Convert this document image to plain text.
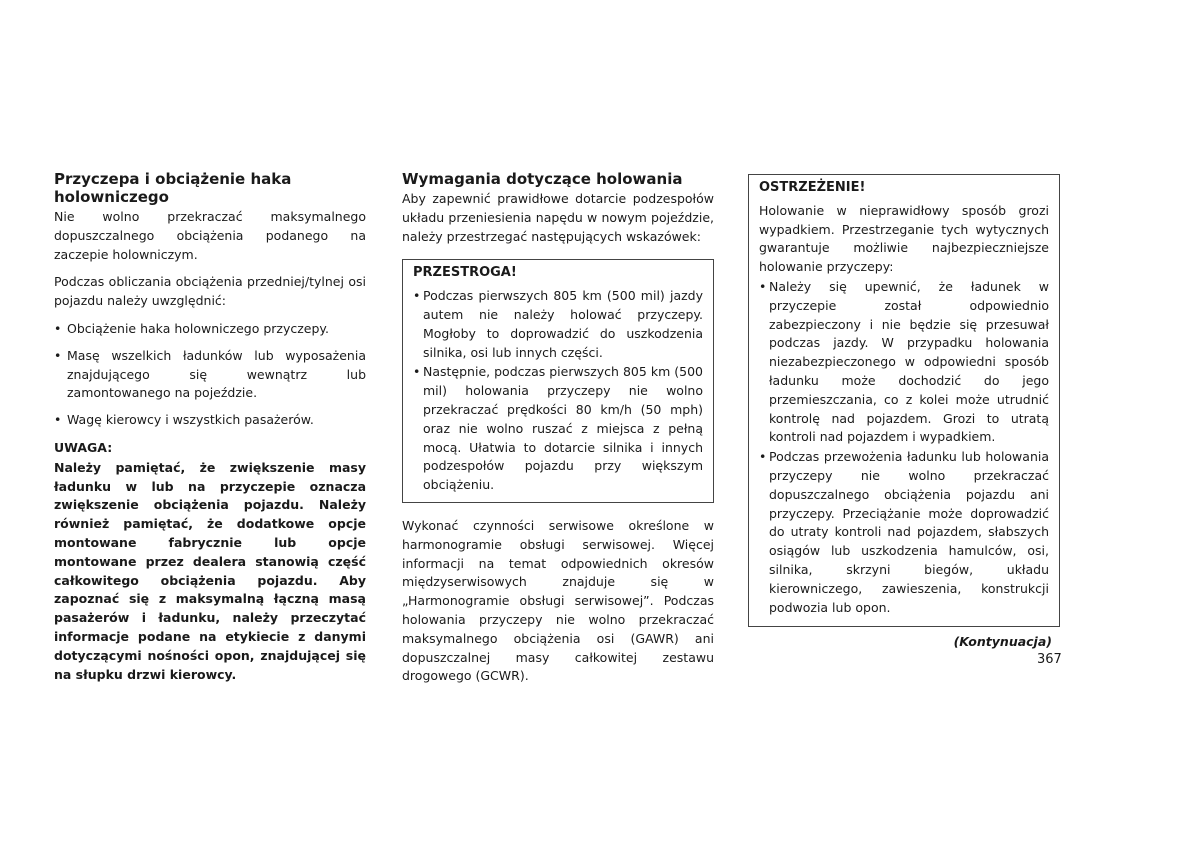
Przyczepa i obciążenie haka holowniczego

Nie wolno przekraczać maksymalnego dopuszczalnego obciążenia podanego na zaczepie holowniczym.

Podczas obliczania obciążenia przedniej/tylnej osi pojazdu należy uwzględnić:

• Obciążenie haka holowniczego przyczepy.
• Masę wszelkich ładunków lub wyposażenia znajdującego się wewnątrz lub zamontowanego na pojeździe.
• Wagę kierowcy i wszystkich pasażerów.
UWAGA:

Należy pamiętać, że zwiększenie masy ładunku w lub na przyczepie oznacza zwiększenie obciążenia pojazdu. Należy również pamiętać, że dodatkowe opcje montowane fabrycznie lub opcje montowane przez dealera stanowią część całkowitego obciążenia pojazdu. Aby zapoznać się z maksymalną łączną masą pasażerów i ładunku, należy przeczytać informacje podane na etykiecie z danymi dotyczącymi nośności opon, znajdującej się na słupku drzwi kierowcy.

Wymagania dotyczące holowania

Aby zapewnić prawidłowe dotarcie podzespołów układu przeniesienia napędu w nowym pojeździe, należy przestrzegać następujących wskazówek:

PRZESTROGA!
• Podczas pierwszych 805 km (500 mil) jazdy autem nie należy holować przyczepy. Mogłoby to doprowadzić do uszkodzenia silnika, osi lub innych części.
• Następnie, podczas pierwszych 805 km (500 mil) holowania przyczepy nie wolno przekraczać prędkości 80 km/h (50 mph) oraz nie wolno ruszać z miejsca z pełną mocą. Ułatwia to dotarcie silnika i innych podzespołów pojazdu przy większym obciążeniu.

Wykonać czynności serwisowe określone w harmonogramie obsługi serwisowej. Więcej informacji na temat odpowiednich okresów międzyserwisowych znajduje się w „Harmonogramie obsługi serwisowej”. Podczas holowania przyczepy nie wolno przekraczać maksymalnego obciążenia osi (GAWR) ani dopuszczalnej masy całkowitej zestawu drogowego (GCWR).

OSTRZEŻENIE!

Holowanie w nieprawidłowy sposób grozi wypadkiem. Przestrzeganie tych wytycznych gwarantuje możliwie najbezpieczniejsze holowanie przyczepy:

• Należy się upewnić, że ładunek w przyczepie został odpowiednio zabezpieczony i nie będzie się przesuwał podczas jazdy. W przypadku holowania niezabezpieczonego w odpowiedni sposób ładunku może dochodzić do jego przemieszczania, co z kolei może utrudnić kontrolę nad pojazdem. Grozi to utratą kontroli nad pojazdem i wypadkiem.
• Podczas przewożenia ładunku lub holowania przyczepy nie wolno przekraczać dopuszczalnego obciążenia pojazdu ani przyczepy. Przeciążanie może doprowadzić do utraty kontroli nad pojazdem, słabszych osiągów lub uszkodzenia hamulców, osi, silnika, skrzyni biegów, układu kierowniczego, zawieszenia, konstrukcji podwozia lub opon.
(Kontynuacja)
367
